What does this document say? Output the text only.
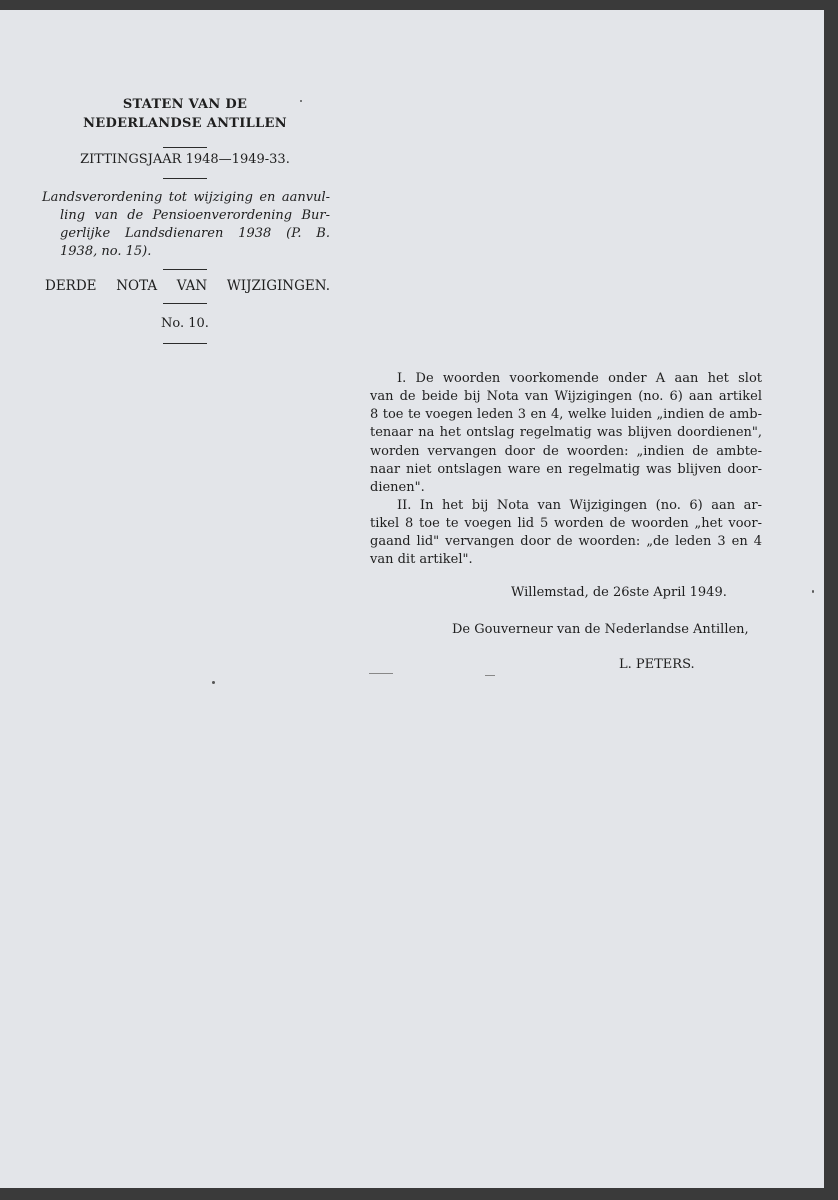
STATEN VAN DE
NEDERLANDSE ANTILLEN
ZITTINGSJAAR 1948—1949-33.
Landsverordening tot wijziging en aanvul-
ling van de Pensioenverordening Bur-
gerlijke Landsdienaren 1938 (P. B.
1938, no. 15).
DERDE NOTA VAN WIJZIGINGEN.
No. 10.
I. De woorden voorkomende onder A aan het slot
van de beide bij Nota van Wijzigingen (no. 6) aan artikel
8 toe te voegen leden 3 en 4, welke luiden „indien de amb-
tenaar na het ontslag regelmatig was blijven doordienen",
worden vervangen door de woorden: „indien de ambte-
naar niet ontslagen ware en regelmatig was blijven door-
dienen".
II. In het bij Nota van Wijzigingen (no. 6) aan ar-
tikel 8 toe te voegen lid 5 worden de woorden „het voor-
gaand lid" vervangen door de woorden: „de leden 3 en 4
van dit artikel".
Willemstad, de 26ste April 1949.
De Gouverneur van de Nederlandse Antillen,
L. PETERS.
